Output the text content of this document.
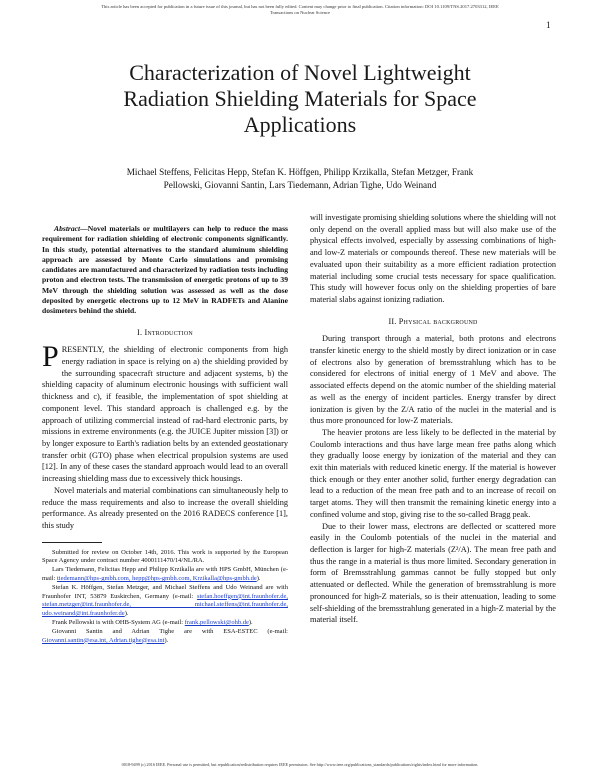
This article has been accepted for publication in a future issue of this journal, but has not been fully edited. Content may change prior to final publication. Citation information: DOI 10.1109/TNS.2017.2703312, IEEE
Transactions on Nuclear Science
1
Characterization of Novel Lightweight
Radiation Shielding Materials for Space
Applications
Michael Steffens, Felicitas Hepp, Stefan K. Höffgen, Philipp Krzikalla, Stefan Metzger, Frank
Pellowski, Giovanni Santin, Lars Tiedemann, Adrian Tighe, Udo Weinand
Abstract—Novel materials or multilayers can help to reduce the mass requirement for radiation shielding of electronic components significantly. In this study, potential alternatives to the standard aluminum shielding approach are assessed by Monte Carlo simulations and promising candidates are manufactured and characterized by radiation tests including proton and electron tests. The transmission of energetic protons of up to 39 MeV through the shielding solution was assessed as well as the dose deposited by energetic electrons up to 12 MeV in RADFETs and Alanine dosimeters behind the shield.
I. Introduction
PRESENTLY, the shielding of electronic components from high energy radiation in space is relying on a) the shielding provided by the surrounding spacecraft structure and adjacent systems, b) the shielding capacity of aluminum electronic housings with sufficient wall thickness and c), if feasible, the implementation of spot shielding at component level. This standard approach is challenged e.g. by the approach of utilizing commercial instead of rad-hard electronic parts, by missions in extreme environments (e.g. the JUICE Jupiter mission [3]) or by longer exposure to Earth's radiation belts by an extended geostationary transfer orbit (GTO) phase when electrical propulsion systems are used [12]. In any of these cases the standard approach would lead to an overall increasing shielding mass due to excessively thick housings.
Novel materials and material combinations can simultaneously help to reduce the mass requirements and also to increase the overall shielding performance. As already presented on the 2016 RADECS conference [1], this study

Submitted for review on October 14th, 2016. This work is supported by the European Space Agency under contract number 4000111470/14/NL/RA.

Lars Tiedemann, Felicitas Hepp and Philipp Krzikalla are with HPS GmbH, München (e-mail: tiedemann@hps-gmbh.com, hepp@hps-gmbh.com, Krzikalla@hps-gmbh.de).

Stefan K. Höffgen, Stefan Metzger, and Michael Steffens and Udo Weinand are with Fraunhofer INT, 53879 Euskirchen, Germany (e-mail: stefan.hoeffgen@int.fraunhofer.de, stefan.metzger@int.fraunhofer.de, michael.steffens@int.fraunhofer.de, udo.weinand@int.fraunhofer.de).

Frank Pellowski is with OHB-System AG (e-mail: frank.pellowski@ohb.de).

Giovanni Santin and Adrian Tighe are with ESA-ESTEC (e-mail: Giovanni.santin@esa.int, Adrian.tighe@esa.int).

will investigate promising shielding solutions where the shielding will not only depend on the overall applied mass but will also make use of the physical effects involved, especially by assessing combinations of high- and low-Z materials or compounds thereof. These new materials will be evaluated upon their suitability as a more efficient radiation protection material including some crucial tests necessary for space qualification. This study will however focus only on the shielding properties of bare material slabs against ionizing radiation.
II. Physical background
During transport through a material, both protons and electrons transfer kinetic energy to the shield mostly by direct ionization or in case of electrons also by generation of bremsstrahlung which has to be considered for electrons of initial energy of 1 MeV and above. The associated effects depend on the atomic number of the shielding material as well as the energy of incident particles. Energy transfer by direct ionization is given by the Z/A ratio of the nuclei in the material and is thus more pronounced for low-Z materials.
The heavier protons are less likely to be deflected in the material by Coulomb interactions and thus have large mean free paths along which they gradually loose energy by ionization of the material and they can exit thin materials with reduced kinetic energy. If the material is however thick enough or they enter another solid, further energy degradation can lead to a reduction of the mean free path and to an increase of recoil on target atoms. They will then transmit the remaining kinetic energy into a confined volume and stop, giving rise to the so-called Bragg peak.
Due to their lower mass, electrons are deflected or scattered more easily in the Coulomb potentials of the nuclei in the material and deflection is larger for high-Z materials (Z²/A). The mean free path and thus the range in a material is thus more limited. Secondary generation in form of Bremsstrahlung gammas cannot be fully stopped but only attenuated or deflected. While the generation of bremsstrahlung is more pronounced for high-Z materials, so is their attenuation, leading to some self-shielding of the bremsstrahlung generated in a high-Z material by the material itself.
0018-9499 (c) 2016 IEEE. Personal use is permitted, but republication/redistribution requires IEEE permission. See http://www.ieee.org/publications_standards/publications/rights/index.html for more information.
